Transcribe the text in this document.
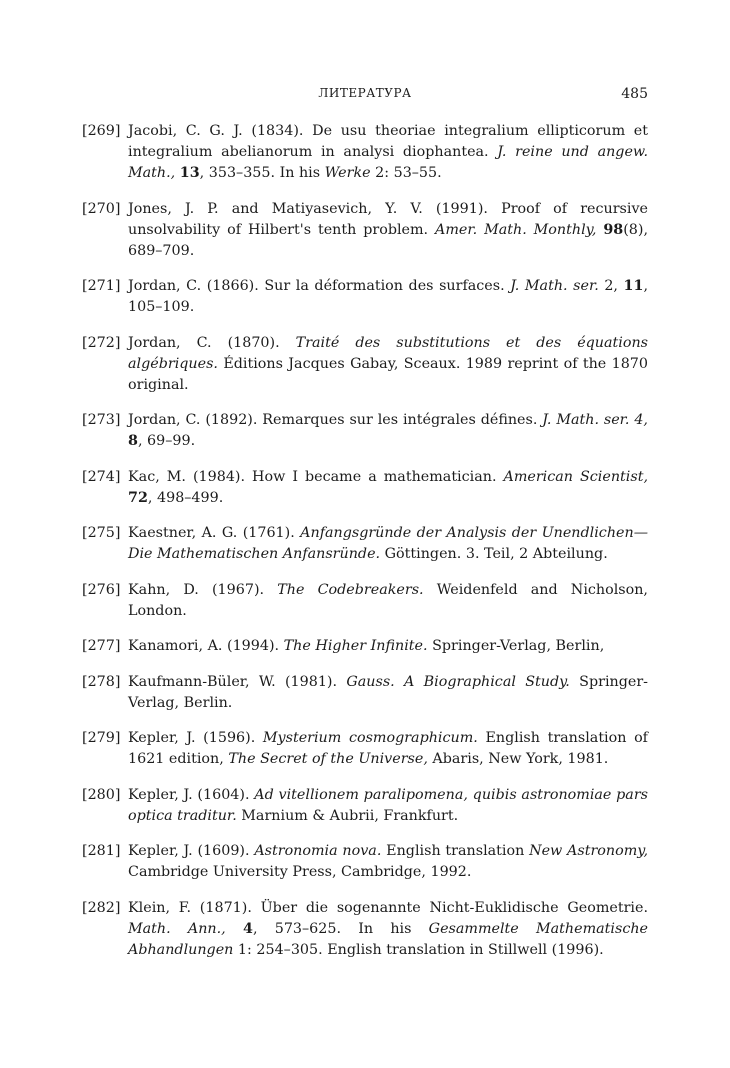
ЛИТЕРАТУРА	485
[269] Jacobi, C. G. J. (1834). De usu theoriae integralium ellipticorum et integralium abelianorum in analysi diophantea. J. reine und angew. Math., 13, 353–355. In his Werke 2: 53–55.
[270] Jones, J. P. and Matiyasevich, Y. V. (1991). Proof of recursive unsolvability of Hilbert's tenth problem. Amer. Math. Monthly, 98(8), 689–709.
[271] Jordan, C. (1866). Sur la déformation des surfaces. J. Math. ser. 2, 11, 105–109.
[272] Jordan, C. (1870). Traité des substitutions et des équations algébriques. Éditions Jacques Gabay, Sceaux. 1989 reprint of the 1870 original.
[273] Jordan, C. (1892). Remarques sur les intégrales défines. J. Math. ser. 4, 8, 69–99.
[274] Kac, M. (1984). How I became a mathematician. American Scientist, 72, 498–499.
[275] Kaestner, A. G. (1761). Anfangsgründe der Analysis der Unendlichen—Die Mathematischen Anfansründe. Göttingen. 3. Teil, 2 Abteilung.
[276] Kahn, D. (1967). The Codebreakers. Weidenfeld and Nicholson, London.
[277] Kanamori, A. (1994). The Higher Infinite. Springer-Verlag, Berlin,
[278] Kaufmann-Büler, W. (1981). Gauss. A Biographical Study. Springer-Verlag, Berlin.
[279] Kepler, J. (1596). Mysterium cosmographicum. English translation of 1621 edition, The Secret of the Universe, Abaris, New York, 1981.
[280] Kepler, J. (1604). Ad vitellionem paralipomena, quibis astronomiae pars optica traditur. Marnium & Aubrii, Frankfurt.
[281] Kepler, J. (1609). Astronomia nova. English translation New Astronomy, Cambridge University Press, Cambridge, 1992.
[282] Klein, F. (1871). Über die sogenannte Nicht-Euklidische Geometrie. Math. Ann., 4, 573–625. In his Gesammelte Mathematische Abhandlungen 1: 254–305. English translation in Stillwell (1996).
